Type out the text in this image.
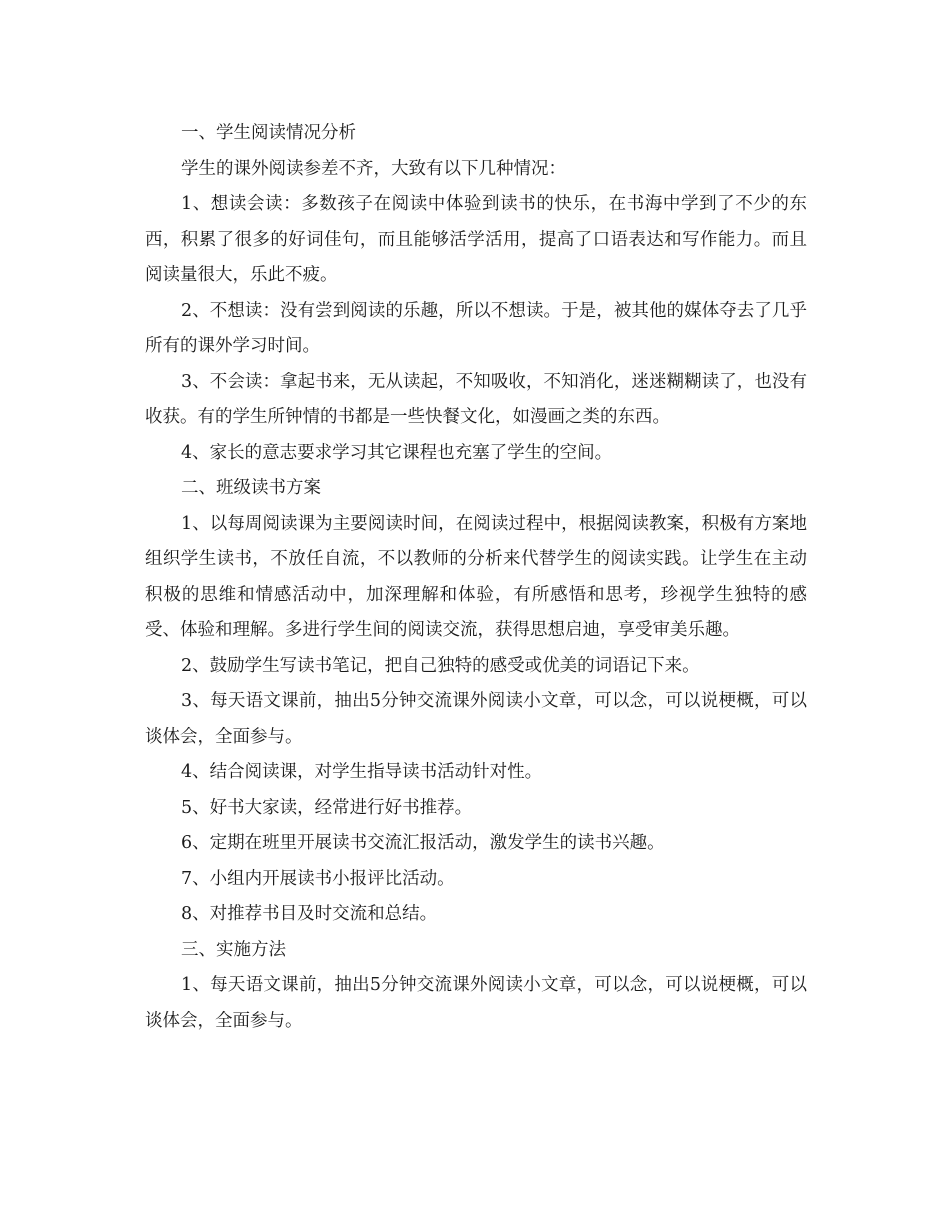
一、学生阅读情况分析

学生的课外阅读参差不齐，大致有以下几种情况：

1、想读会读：多数孩子在阅读中体验到读书的快乐，在书海中学到了不少的东西，积累了很多的好词佳句，而且能够活学活用，提高了口语表达和写作能力。而且阅读量很大，乐此不疲。

2、不想读：没有尝到阅读的乐趣，所以不想读。于是，被其他的媒体夺去了几乎所有的课外学习时间。

3、不会读：拿起书来，无从读起，不知吸收，不知消化，迷迷糊糊读了，也没有收获。有的学生所钟情的书都是一些快餐文化，如漫画之类的东西。

4、家长的意志要求学习其它课程也充塞了学生的空间。

二、班级读书方案

1、以每周阅读课为主要阅读时间，在阅读过程中，根据阅读教案，积极有方案地组织学生读书，不放任自流，不以教师的分析来代替学生的阅读实践。让学生在主动积极的思维和情感活动中，加深理解和体验，有所感悟和思考，珍视学生独特的感受、体验和理解。多进行学生间的阅读交流，获得思想启迪，享受审美乐趣。

2、鼓励学生写读书笔记，把自己独特的感受或优美的词语记下来。

3、每天语文课前，抽出5分钟交流课外阅读小文章，可以念，可以说梗概，可以谈体会，全面参与。

4、结合阅读课，对学生指导读书活动针对性。

5、好书大家读，经常进行好书推荐。

6、定期在班里开展读书交流汇报活动，激发学生的读书兴趣。

7、小组内开展读书小报评比活动。

8、对推荐书目及时交流和总结。

三、实施方法

1、每天语文课前，抽出5分钟交流课外阅读小文章，可以念，可以说梗概，可以谈体会，全面参与。
